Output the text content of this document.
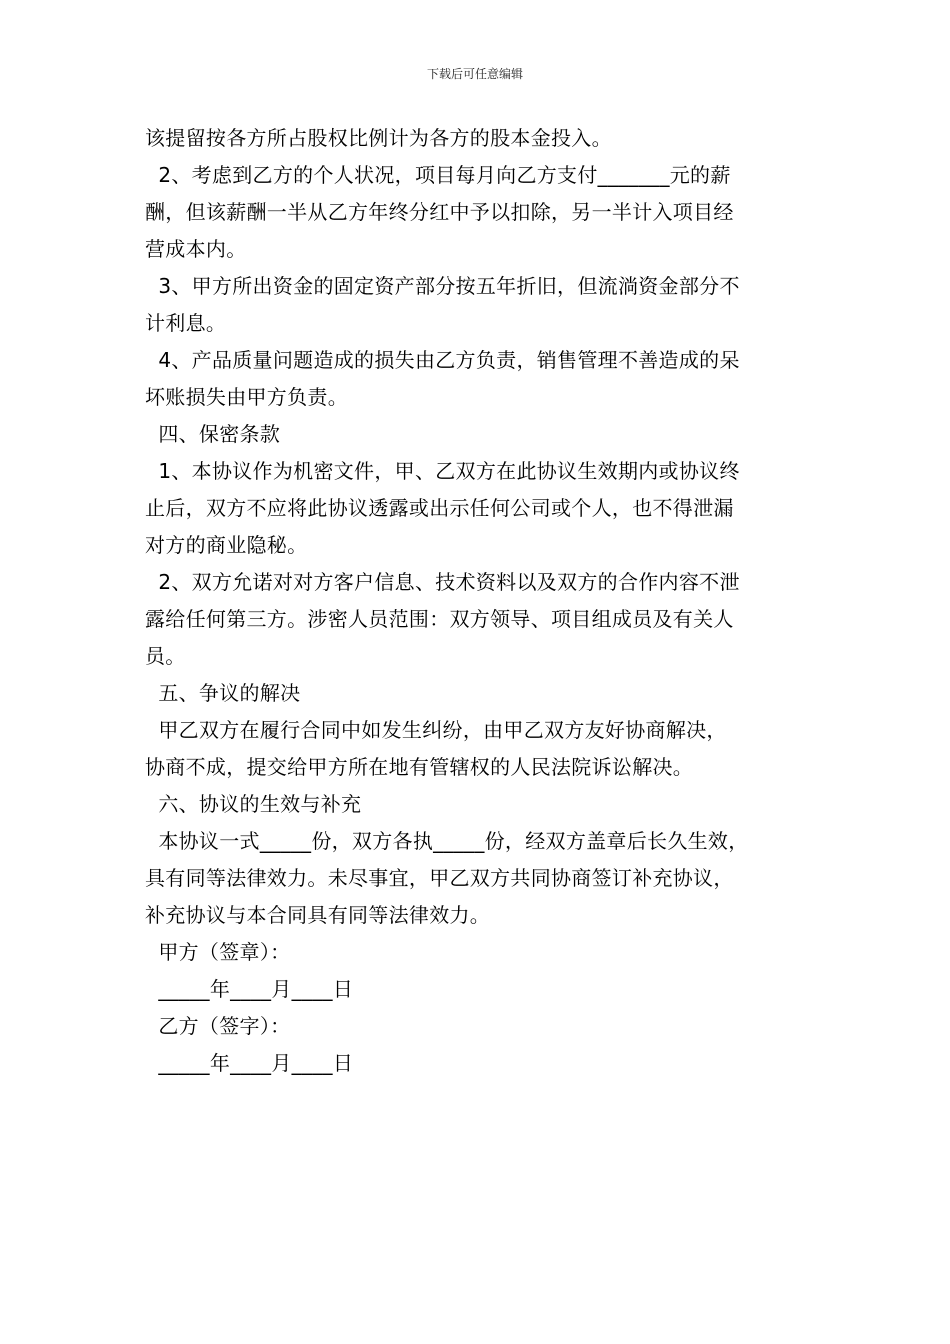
下载后可任意编辑
该提留按各方所占股权比例计为各方的股本金投入。
2、考虑到乙方的个人状况，项目每月向乙方支付_______元的薪
酬，但该薪酬一半从乙方年终分红中予以扣除，另一半计入项目经
营成本内。
3、甲方所出资金的固定资产部分按五年折旧，但流淌资金部分不
计利息。
4、产品质量问题造成的损失由乙方负责，销售管理不善造成的呆
坏账损失由甲方负责。
四、保密条款
1、本协议作为机密文件，甲、乙双方在此协议生效期内或协议终
止后，双方不应将此协议透露或出示任何公司或个人，也不得泄漏
对方的商业隐秘。
2、双方允诺对对方客户信息、技术资料以及双方的合作内容不泄
露给任何第三方。涉密人员范围：双方领导、项目组成员及有关人
员。
五、争议的解决
甲乙双方在履行合同中如发生纠纷，由甲乙双方友好协商解决，
协商不成，提交给甲方所在地有管辖权的人民法院诉讼解决。
六、协议的生效与补充
本协议一式_____份，双方各执_____份，经双方盖章后长久生效，
具有同等法律效力。未尽事宜，甲乙双方共同协商签订补充协议，
补充协议与本合同具有同等法律效力。
甲方（签章）：
_____年____月____日
乙方（签字）：
_____年____月____日
